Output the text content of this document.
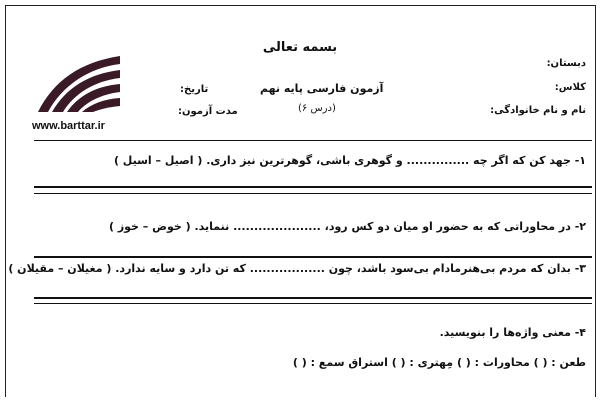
www.barttar.ir
بسمه تعالی
دبستان:
کلاس:
نام و نام خانوادگی:
آزمون فارسی پایه نهم
(درس ۶)
تاریخ:
مدت آزمون:
۱- جهد کن که اگر چه ............... و گوهری باشی، گوهرترین نیز داری. ( اصیل – اسیل )
۲- در محاوراتی که به حضور او میان دو کس رود، ..................... ننماید. ( خوض – خوز )
۳- بدان که مردم بی‌هنرمادام بی‌سود باشد، چون .................. که تن دارد و سایه ندارد. ( مغیلان – مقیلان )
۴- معنی واژه‌ها را بنویسید.
طعن : ( ) محاورات : ( ) مِهتری : ( ) استراق سمع : ( )
